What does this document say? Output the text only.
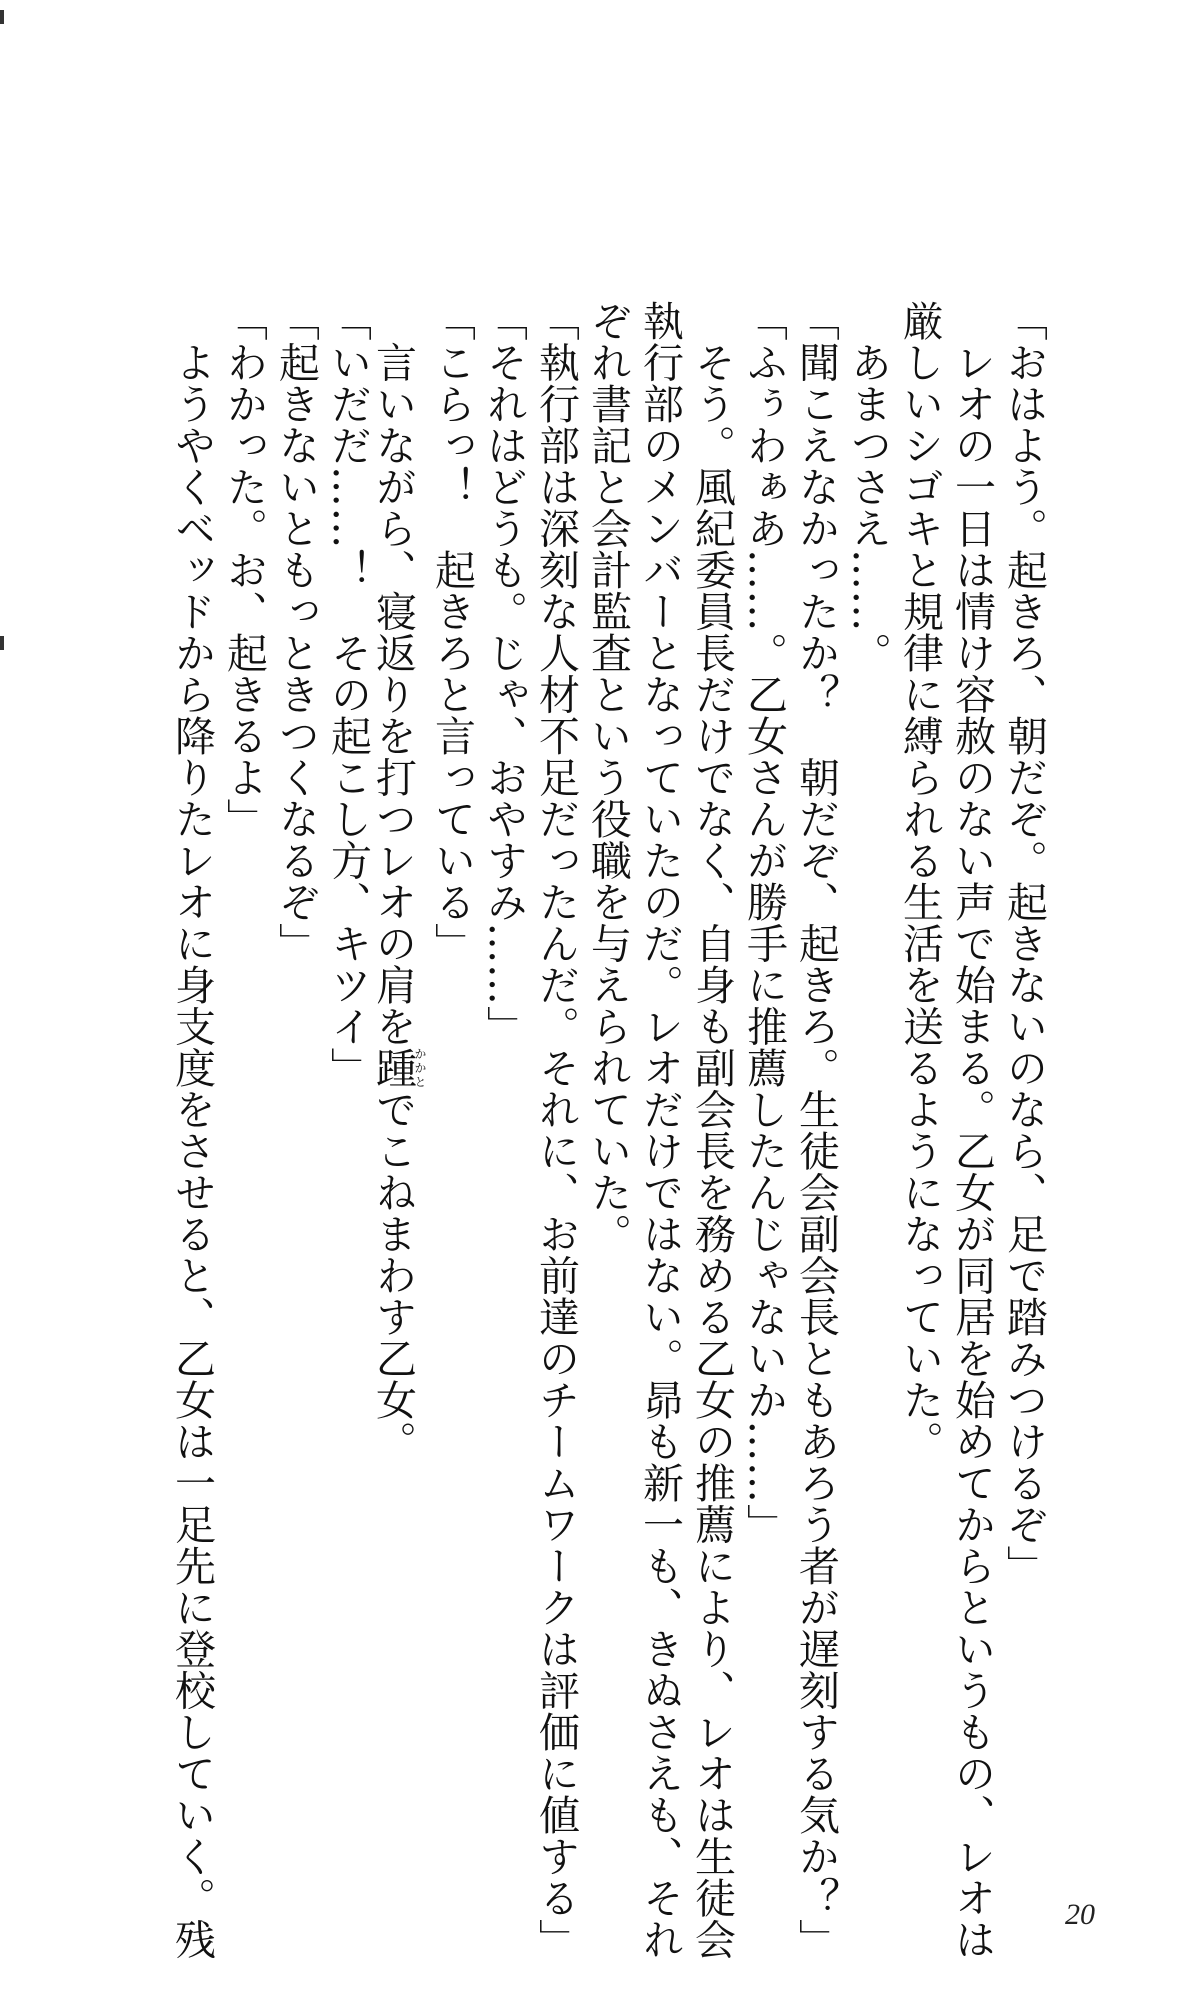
「おはよう。起きろ、朝だぞ。起きないのなら、足で踏みつけるぞ」
　レオの一日は情け容赦のない声で始まる。乙女が同居を始めてからというもの、レオは
厳しいシゴキと規律に縛られる生活を送るようになっていた。
　あまつさえ……。
「聞こえなかったか？　朝だぞ、起きろ。生徒会副会長ともあろう者が遅刻する気か？」
「ふぅわぁあ……。乙女さんが勝手に推薦したんじゃないか……」
　そう。風紀委員長だけでなく、自身も副会長を務める乙女の推薦により、レオは生徒会
執行部のメンバーとなっていたのだ。レオだけではない。昴も新一も、きぬさえも、それ
ぞれ書記と会計監査という役職を与えられていた。
「執行部は深刻な人材不足だったんだ。それに、お前達のチームワークは評価に値する」
「それはどうも。じゃ、おやすみ……」
「こらっ！　起きろと言っている」
　言いながら、寝返りを打つレオの肩を踵かかとでこねまわす乙女。
「いだだ……！　その起こし方、キツイ」
「起きないともっときつくなるぞ」
「わかった。お、起きるよ」
　ようやくベッドから降りたレオに身支度をさせると、乙女は一足先に登校していく。残	20
